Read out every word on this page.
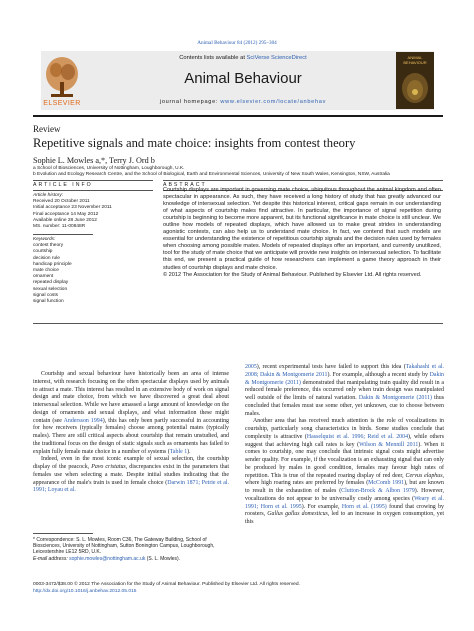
Animal Behaviour 84 (2012) 295–304
ELSEVIER
Contents lists available at SciVerse ScienceDirect
Animal Behaviour
journal homepage: www.elsevier.com/locate/anbehav
ANIMAL BEHAVIOUR
Review
Repetitive signals and mate choice: insights from contest theory
Sophie L. Mowles a,*, Terry J. Ord b
a School of Biosciences, University of Nottingham, Loughborough, U.K.
b Evolution and Ecology Research Centre, and the School of Biological, Earth and Environmental Sciences, University of New South Wales, Kensington, NSW, Australia
ARTICLE INFO	ABSTRACT
Article history:
Received 20 October 2011
Initial acceptance 23 November 2011
Final acceptance 14 May 2012
Available online 28 June 2012
MS. number: 11-00848R
Keywords:
contest theory
courtship
decision rule
handicap principle
mate choice
ornament
repeated display
sexual selection
signal costs
signal function

Courtship displays are important in governing mate choice, ubiquitous throughout the animal kingdom and often spectacular in appearance. As such, they have received a long history of study that has greatly advanced our knowledge of intersexual selection. Yet despite this historical interest, critical gaps remain in our understanding of what aspects of courtship males find attractive. In particular, the importance of signal repetition during courtship is beginning to become more apparent, but its functional significance in mate choice is still unclear. We outline how models of repeated displays, which have allowed us to make great strides in understanding agonistic contests, can also help us to understand mate choice. In fact, we contend that such models are essential for understanding the existence of repetitious courtship signals and the decision rules used by females when choosing among possible mates. Models of repeated displays offer an important, and currently unutilized, tool for the study of mate choice that we anticipate will provide new insights on intersexual selection. To facilitate this end, we present a practical guide of how researchers can implement a game theory approach in their studies of courtship displays and mate choice.

© 2012 The Association for the Study of Animal Behaviour. Published by Elsevier Ltd. All rights reserved.

Courtship and sexual behaviour have historically been an area of intense interest, with research focusing on the often spectacular displays used by animals to attract a mate. This interest has resulted in an extensive body of work on signal design and mate choice, from which we have discovered a great deal about intersexual selection. While we have amassed a large amount of knowledge on the design of ornaments and sexual displays, and what information these might contain (see Andersson 1994), this has only been partly successful in accounting for how receivers (typically females) choose among potential mates (typically males). There are still critical aspects about courtship that remain unstudied, and the traditional focus on the design of static signals such as ornaments has failed to explain fully female mate choice in a number of systems (Table 1).

Indeed, even in the most iconic example of sexual selection, the courtship display of the peacock, Pavo cristatus, discrepancies exist in the parameters that females use when selecting a mate. Despite initial studies indicating that the appearance of the male's train is used in female choice (Darwin 1871; Petrie et al. 1991; Loyau et al.

2005), recent experimental tests have failed to support this idea (Takahashi et al. 2008; Dakin & Montgomerie 2011). For example, although a recent study by Dakin & Montgomerie (2011) demonstrated that manipulating train quality did result in a reduced female preference, this occurred only when train design was manipulated well outside of the limits of natural variation. Dakin & Montgomerie (2011) thus concluded that females must use some other, yet unknown, cue to choose between males.

Another area that has received much attention is the role of vocalizations in courtship, particularly song characteristics in birds. Some studies conclude that complexity is attractive (Hasselquist et al. 1996; Reid et al. 2004), while others suggest that achieving high call rates is key (Wilson & Mennill 2011). When it comes to courtship, one may conclude that intrinsic signal costs might advertise sender quality. For example, if the vocalization is an exhausting signal that can only be produced by males in good condition, females may favour high rates of repetition. This is true of the repeated roaring display of red deer, Cervus elaphus, where high roaring rates are preferred by females (McComb 1991), but are known to result in the exhaustion of males (Clutton-Brock & Albon 1979). However, vocalizations do not appear to be universally costly among species (Weary et al. 1991; Horn et al. 1995). For example, Horn et al. (1995) found that crowing by roosters, Gallus gallus domesticus, led to an increase in oxygen consumption, yet this

* Correspondence: S. L. Mowles, Room C36, The Gateway Building, School of Biosciences, University of Nottingham, Sutton Bonington Campus, Loughborough, Leicestershire LE12 5RD, U.K.
E-mail address: sophie.mowles@nottingham.ac.uk (S. L. Mowles).
0003-3472/$38.00 © 2012 The Association for the Study of Animal Behaviour. Published by Elsevier Ltd. All rights reserved.
http://dx.doi.org/10.1016/j.anbehav.2012.05.015
